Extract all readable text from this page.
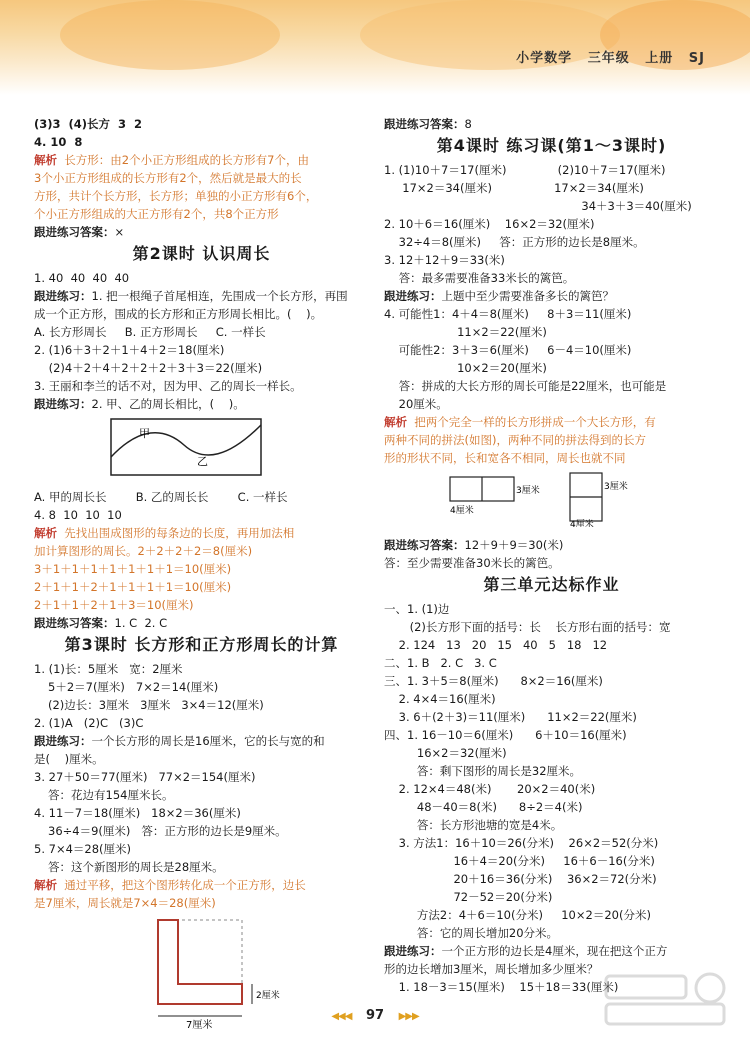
小学数学 三年级 上册 SJ
(3)3  (4)长方  3  2
4. 10  8
解析  长方形：由2个小正方形组成的长方形有7个，由
3个小正方形组成的长方形有2个，然后就是最大的长
方形，共计个长方形，长方形；单独的小正方形有6个，
个小正方形组成的大正方形有2个，共8个正方形
跟进练习答案：×
第2课时 认识周长
1. 40  40  40  40
跟进练习：1. 把一根绳子首尾相连，先围成一个长方形，再围
成一个正方形，围成的长方形和正方形周长相比。(    )。
A. 长方形周长     B. 正方形周长     C. 一样长
2. (1)6＋3＋2＋1＋4＋2＝18(厘米)
(2)4＋2＋4＋2＋2＋2＋3＋3＝22(厘米)
3. 王丽和李兰的话不对，因为甲、乙的周长一样长。
跟进练习：2. 甲、乙的周长相比，(    )。
甲
乙
A. 甲的周长长        B. 乙的周长长        C. 一样长
4. 8  10  10  10
解析  先找出围成图形的每条边的长度，再用加法相
加计算图形的周长。2＋2＋2＋2＝8(厘米)
3＋1＋1＋1＋1＋1＋1＋1＝10(厘米)
2＋1＋1＋2＋1＋1＋1＋1＝10(厘米)
2＋1＋1＋2＋1＋3＝10(厘米)
跟进练习答案：1. C  2. C
第3课时 长方形和正方形周长的计算
1. (1)长：5厘米   宽：2厘米
5＋2＝7(厘米)   7×2＝14(厘米)
(2)边长：3厘米   3厘米   3×4＝12(厘米)
2. (1)A   (2)C   (3)C
跟进练习：一个长方形的周长是16厘米，它的长与宽的和
是(    )厘米。
3. 27＋50＝77(厘米)   77×2＝154(厘米)
答：花边有154厘米长。
4. 11－7＝18(厘米)   18×2＝36(厘米)
36÷4＝9(厘米)   答：正方形的边长是9厘米。
5. 7×4＝28(厘米)
答：这个新图形的周长是28厘米。
解析  通过平移，把这个图形转化成一个正方形，边长
是7厘米，周长就是7×4＝28(厘米)
7厘米
2厘米
跟进练习答案：8
第4课时 练习课(第1～3课时)
1. (1)10＋7＝17(厘米)              (2)10＋7＝17(厘米)
17×2＝34(厘米)                 17×2＝34(厘米)
34＋3＋3＝40(厘米)
2. 10＋6＝16(厘米)    16×2＝32(厘米)
32÷4＝8(厘米)     答：正方形的边长是8厘米。
3. 12＋12＋9＝33(米)
答：最多需要准备33米长的篱笆。
跟进练习：上题中至少需要准备多长的篱笆？
4. 可能性1：4＋4＝8(厘米)     8＋3＝11(厘米)
11×2＝22(厘米)
可能性2：3＋3＝6(厘米)     6－4＝10(厘米)
10×2＝20(厘米)
答：拼成的大长方形的周长可能是22厘米，也可能是
20厘米。
解析  把两个完全一样的长方形拼成一个大长方形，有
两种不同的拼法(如图)，两种不同的拼法得到的长方
形的形状不同，长和宽各不相同，周长也就不同
3厘米
4厘米
3厘米
4厘米
跟进练习答案：12＋9＋9＝30(米)
答：至少需要准备30米长的篱笆。
第三单元达标作业
一、1. (1)边
(2)长方形下面的括号：长    长方形右面的括号：宽
2. 124   13   20   15   40   5   18   12
二、1. B   2. C   3. C
三、1. 3＋5＝8(厘米)      8×2＝16(厘米)
2. 4×4＝16(厘米)
3. 6＋(2＋3)＝11(厘米)      11×2＝22(厘米)
四、1. 16－10＝6(厘米)      6＋10＝16(厘米)
16×2＝32(厘米)
答：剩下图形的周长是32厘米。
2. 12×4＝48(米)       20×2＝40(米)
48－40＝8(米)      8÷2＝4(米)
答：长方形池塘的宽是4米。
3. 方法1：16＋10＝26(分米)    26×2＝52(分米)
16＋4＝20(分米)     16＋6－16(分米)
20＋16＝36(分米)    36×2＝72(分米)
72－52＝20(分米)
方法2：4＋6＝10(分米)     10×2＝20(分米)
答：它的周长增加20分米。
跟进练习：一个正方形的边长是4厘米，现在把这个正方
形的边长增加3厘米，周长增加多少厘米？
1. 18－3＝15(厘米)    15＋18＝33(厘米)
◀◀◀ 97 ▶▶▶
